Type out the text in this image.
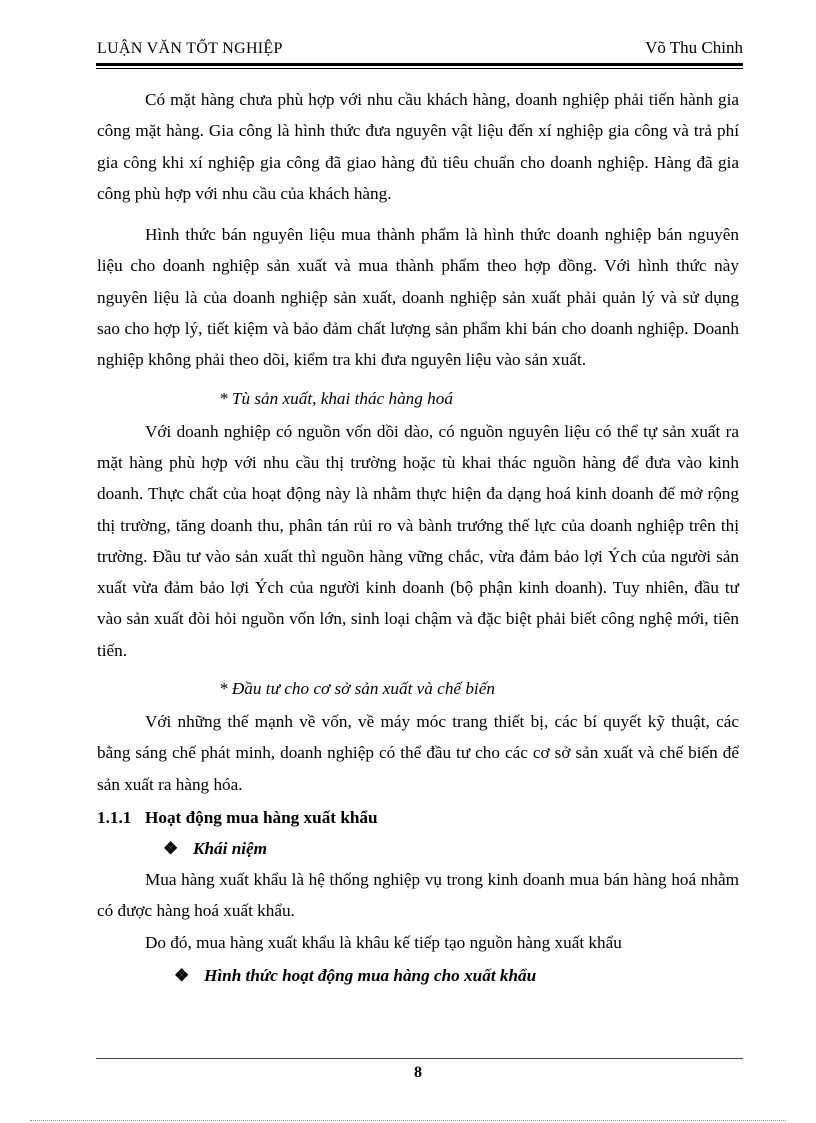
LUẬN VĂN TỐT NGHIỆP	Võ Thu Chinh

Có mặt hàng chưa phù hợp với nhu cầu khách hàng, doanh nghiệp phải tiến hành gia công mặt hàng. Gia công là hình thức đưa nguyên vật liệu đến xí nghiệp gia công và trả phí gia công khi xí nghiệp gia công đã giao hàng đủ tiêu chuẩn cho doanh nghiệp. Hàng đã gia công phù hợp với nhu cầu của khách hàng.

Hình thức bán nguyên liệu mua thành phẩm là hình thức doanh nghiệp bán nguyên liệu cho doanh nghiệp sản xuất và mua thành phẩm theo hợp đồng. Với hình thức này nguyên liệu là của doanh nghiệp sản xuất, doanh nghiệp sản xuất phải quản lý và sử dụng sao cho hợp lý, tiết kiệm và bảo đảm chất lượng sản phẩm khi bán cho doanh nghiệp. Doanh nghiệp không phải theo dõi, kiểm tra khi đưa nguyên liệu vào sản xuất.

* Tù sản xuất, khai thác hàng hoá

Với doanh nghiệp có nguồn vốn dồi dào, có nguồn nguyên liệu có thể tự sản xuất ra mặt hàng phù hợp với nhu cầu thị trường hoặc tù khai thác nguồn hàng để đưa vào kinh doanh. Thực chất của hoạt động này là nhằm thực hiện đa dạng hoá kinh doanh để mở rộng thị trường, tăng doanh thu, phân tán rủi ro và bành trướng thế lực của doanh nghiệp trên thị trường. Đầu tư vào sản xuất thì nguồn hàng vững chắc, vừa đảm bảo lợi Ých của người sản xuất vừa đảm bảo lợi Ých của người kinh doanh (bộ phận kinh doanh). Tuy nhiên, đầu tư vào sản xuất đòi hỏi nguồn vốn lớn, sinh loại chậm và đặc biệt phải biết công nghệ mới, tiên tiến.

* Đầu tư cho cơ sở sản xuất và chế biến

Với những thế mạnh về vốn, về máy móc trang thiết bị, các bí quyết kỹ thuật, các bằng sáng chế phát minh, doanh nghiệp có thể đầu tư cho các cơ sở sản xuất và chế biến để sản xuất ra hàng hóa.

1.1.1 Hoạt động mua hàng xuất khẩu

❖ Khái niệm

Mua hàng xuất khẩu là hệ thống nghiệp vụ trong kinh doanh mua bán hàng hoá nhằm có được hàng hoá xuất khẩu.

Do đó, mua hàng xuất khẩu là khâu kế tiếp tạo nguồn hàng xuất khẩu

❖ Hình thức hoạt động mua hàng cho xuất khẩu

8
